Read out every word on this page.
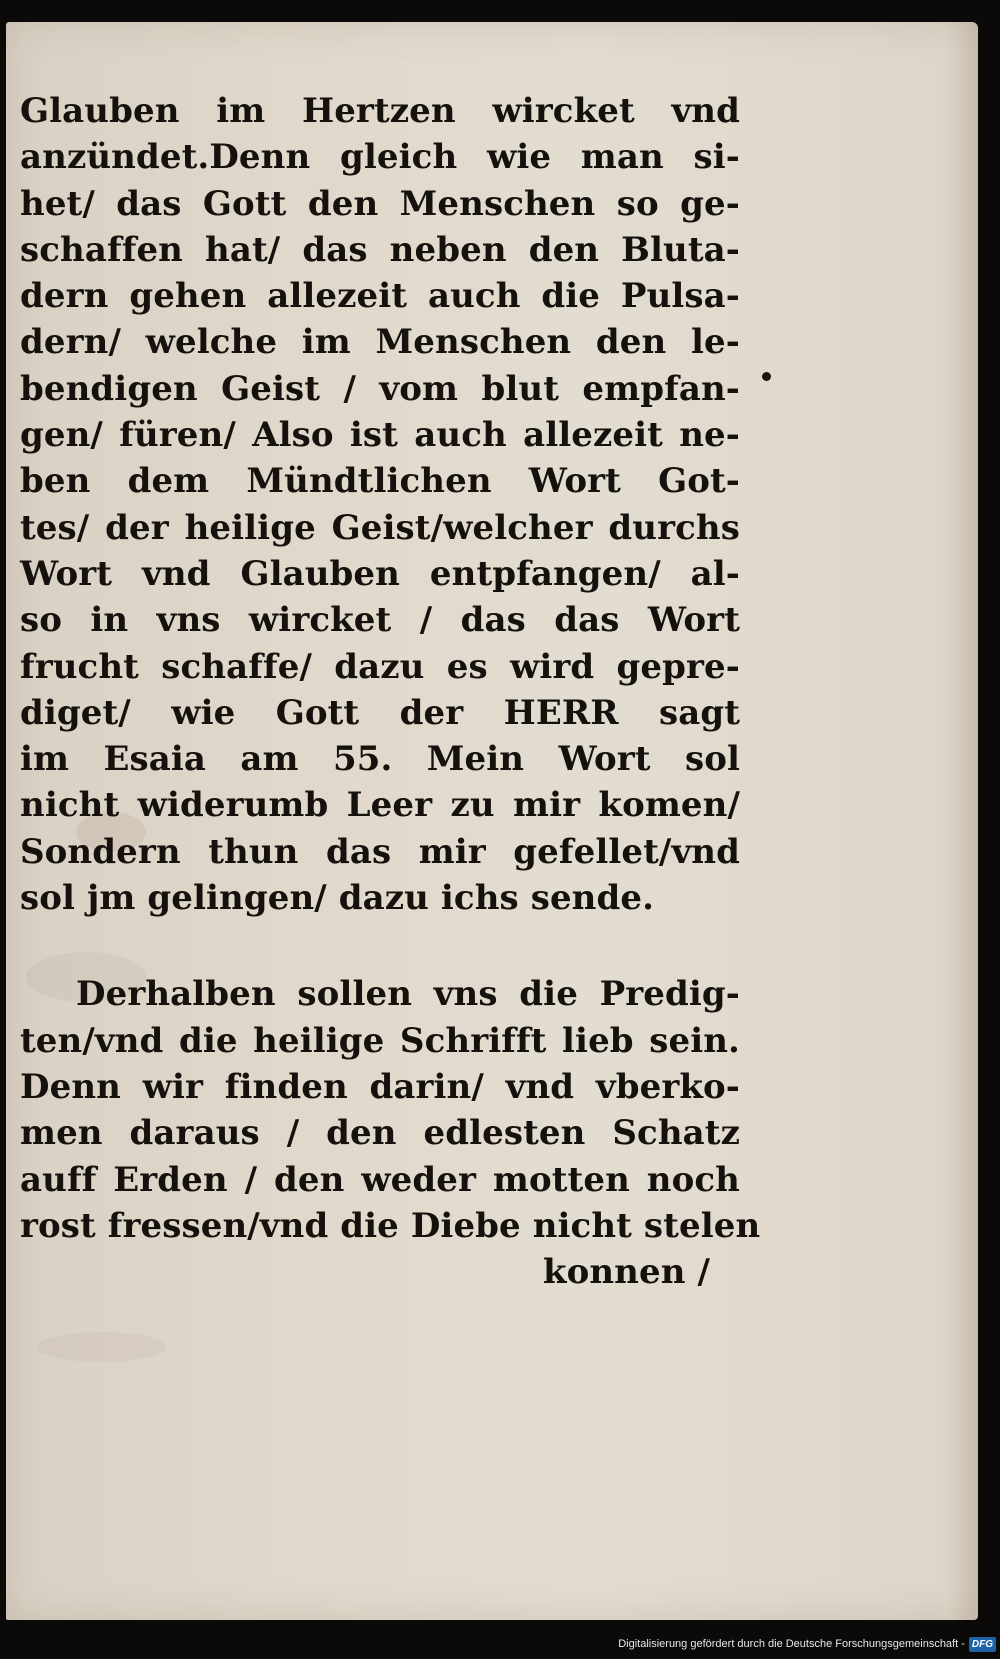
Glauben im Hertzen wircket vnd
anzündet.Denn gleich wie man si-
het/ das Gott den Menschen so ge-
schaffen hat/ das neben den Bluta-
dern gehen allezeit auch die Pulsa-
dern/ welche im Menschen den le-
bendigen Geist / vom blut empfan-
gen/ füren/ Also ist auch allezeit ne-
ben dem Mündtlichen Wort Got-
tes/ der heilige Geist/welcher durchs
Wort vnd Glauben entpfangen/ al-
so in vns wircket / das das Wort
frucht schaffe/ dazu es wird gepre-
diget/ wie Gott der HERR sagt
im Esaia am 55. Mein Wort sol
nicht widerumb Leer zu mir komen/
Sondern thun das mir gefellet/vnd
sol jm gelingen/ dazu ichs sende.
Derhalben sollen vns die Predig-
ten/vnd die heilige Schrifft lieb sein.
Denn wir finden darin/ vnd vberko-
men daraus / den edlesten Schatz
auff Erden / den weder motten noch
rost fressen/vnd die Diebe nicht stelen
konnen /
Digitalisierung gefördert durch die Deutsche Forschungsgemeinschaft - DFG
